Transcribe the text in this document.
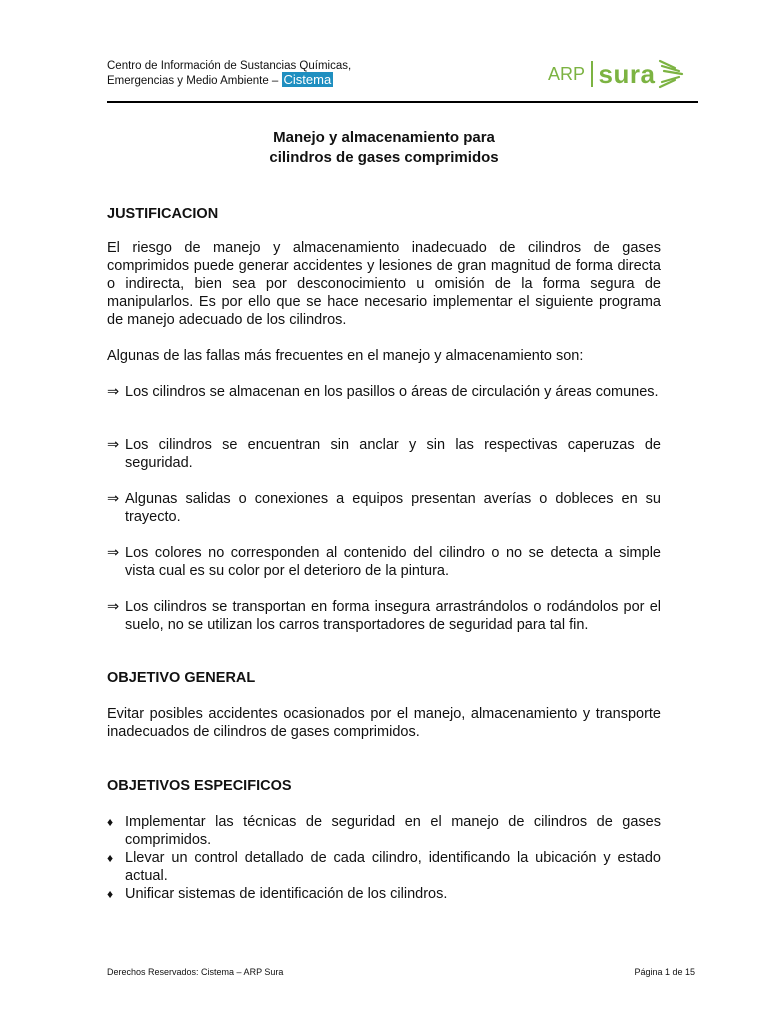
Centro de Información de Sustancias Químicas,
Emergencias y Medio Ambiente – Cistema	ARP sura
Manejo y almacenamiento para
cilindros de gases comprimidos
JUSTIFICACION
El riesgo de manejo y almacenamiento inadecuado de cilindros de gases comprimidos puede generar accidentes y lesiones de gran magnitud de forma directa o indirecta, bien sea por desconocimiento u omisión de la forma segura de manipularlos. Es por ello que se hace necesario implementar el siguiente programa de manejo adecuado de los cilindros.
Algunas de las fallas más frecuentes en el manejo y almacenamiento son:
⇒ Los cilindros se almacenan en los pasillos o áreas de circulación y áreas comunes.
⇒ Los cilindros se encuentran sin anclar y sin las respectivas caperuzas de seguridad.
⇒ Algunas salidas o conexiones a equipos presentan averías o dobleces en su trayecto.
⇒ Los colores no corresponden al contenido del cilindro o no se detecta a simple vista cual es su color por el deterioro de la pintura.
⇒ Los cilindros se transportan en forma insegura arrastrándolos o rodándolos por el suelo, no se utilizan los carros transportadores de seguridad para tal fin.
OBJETIVO GENERAL
Evitar posibles accidentes ocasionados por el manejo, almacenamiento y transporte inadecuados de cilindros de gases comprimidos.
OBJETIVOS ESPECIFICOS
♦ Implementar las técnicas de seguridad en el manejo de cilindros de gases comprimidos.
♦ Llevar un control detallado de cada cilindro, identificando la ubicación y estado actual.
♦ Unificar sistemas de identificación de los cilindros.
Derechos Reservados: Cistema – ARP Sura	Página 1 de 15
